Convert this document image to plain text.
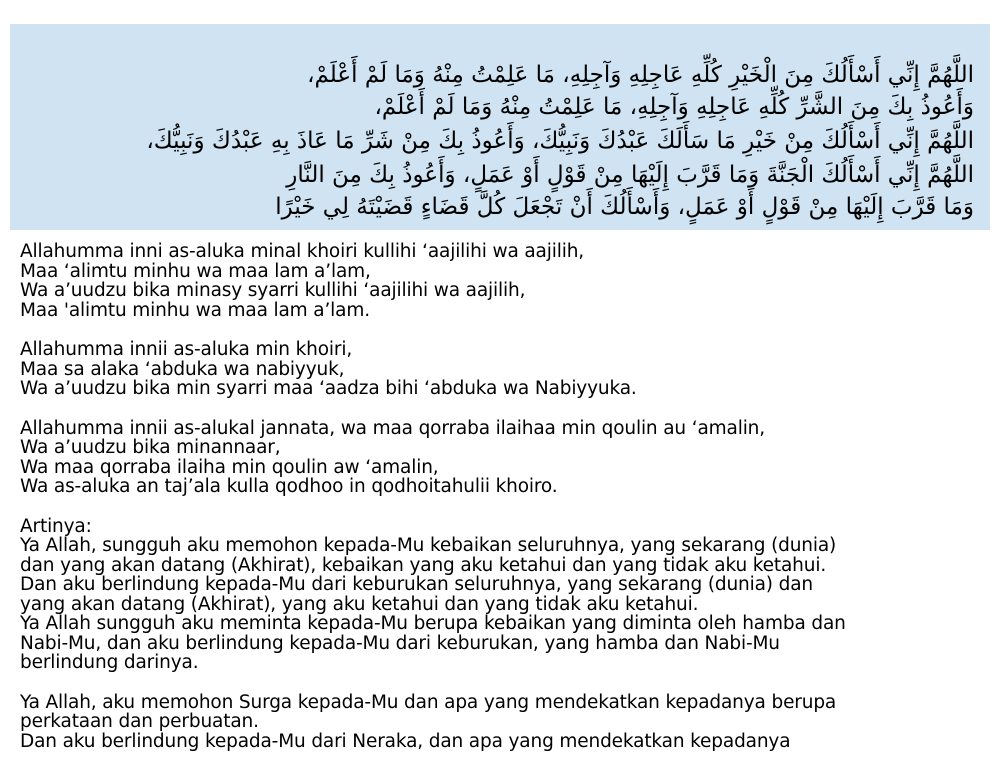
اللَّهُمَّ إِنِّي أَسْأَلُكَ مِنَ الْخَيْرِ كُلِّهِ عَاجِلِهِ وَآجِلِهِ، مَا عَلِمْتُ مِنْهُ وَمَا لَمْ أَعْلَمْ،
وَأَعُوذُ بِكَ مِنَ الشَّرِّ كُلِّهِ عَاجِلِهِ وَآجِلِهِ، مَا عَلِمْتُ مِنْهُ وَمَا لَمْ أَعْلَمْ،
اللَّهُمَّ إِنِّي أَسْأَلُكَ مِنْ خَيْرِ مَا سَأَلَكَ عَبْدُكَ وَنَبِيُّكَ، وَأَعُوذُ بِكَ مِنْ شَرِّ مَا عَاذَ بِهِ عَبْدُكَ وَنَبِيُّكَ،
اللَّهُمَّ إِنِّي أَسْأَلُكَ الْجَنَّةَ وَمَا قَرَّبَ إِلَيْهَا مِنْ قَوْلٍ أَوْ عَمَلٍ، وَأَعُوذُ بِكَ مِنَ النَّارِ
وَمَا قَرَّبَ إِلَيْهَا مِنْ قَوْلٍ أَوْ عَمَلٍ، وَأَسْأَلُكَ أَنْ تَجْعَلَ كُلَّ قَضَاءٍ قَضَيْتَهُ لِي خَيْرًا
Allahumma inni as-aluka minal khoiri kullihi ‘aajilihi wa aajilih,
Maa ‘alimtu minhu wa maa lam a’lam,
Wa a’uudzu bika minasy syarri kullihi ‘aajilihi wa aajilih,
Maa 'alimtu minhu wa maa lam a’lam.
Allahumma innii as-aluka min khoiri,
Maa sa alaka ‘abduka wa nabiyyuk,
Wa a’uudzu bika min syarri maa ‘aadza bihi ‘abduka wa Nabiyyuka.
Allahumma innii as-alukal jannata, wa maa qorraba ilaihaa min qoulin au ‘amalin,
Wa a’uudzu bika minannaar,
Wa maa qorraba ilaiha min qoulin aw ‘amalin,
Wa as-aluka an taj’ala kulla qodhoo in qodhoitahulii khoiro.
Artinya:
Ya Allah, sungguh aku memohon kepada-Mu kebaikan seluruhnya, yang sekarang (dunia)
dan yang akan datang (Akhirat), kebaikan yang aku ketahui dan yang tidak aku ketahui.
Dan aku berlindung kepada-Mu dari keburukan seluruhnya, yang sekarang (dunia) dan
yang akan datang (Akhirat), yang aku ketahui dan yang tidak aku ketahui.
Ya Allah sungguh aku meminta kepada-Mu berupa kebaikan yang diminta oleh hamba dan
Nabi-Mu, dan aku berlindung kepada-Mu dari keburukan, yang hamba dan Nabi-Mu
berlindung darinya.
Ya Allah, aku memohon Surga kepada-Mu dan apa yang mendekatkan kepadanya berupa
perkataan dan perbuatan.
Dan aku berlindung kepada-Mu dari Neraka, dan apa yang mendekatkan kepadanya
